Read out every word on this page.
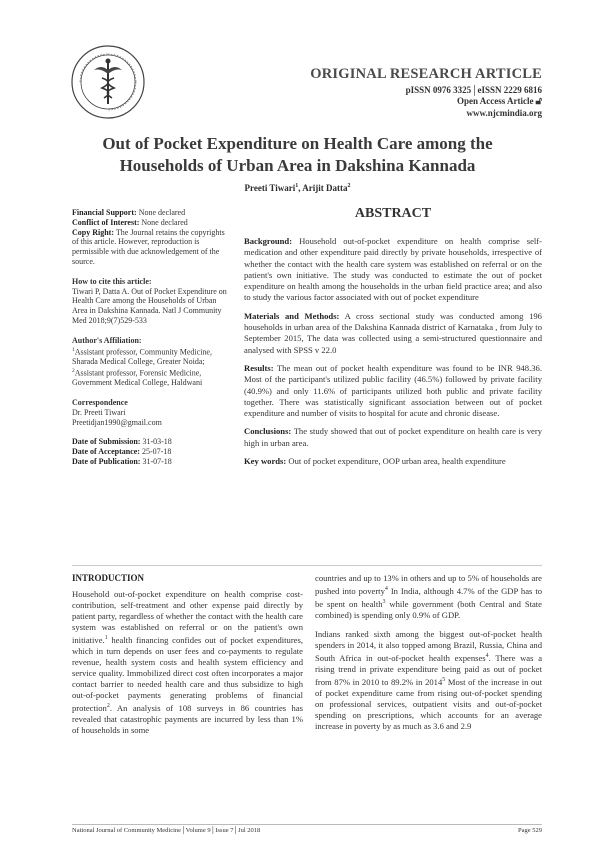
ORIGINAL RESEARCH ARTICLE
pISSN 0976 3325│eISSN 2229 6816
Open Access Article 🔓︎
www.njcmindia.org
Out of Pocket Expenditure on Health Care among the Households of Urban Area in Dakshina Kannada
Preeti Tiwari$^1$, Arijit Datta$^2$
Financial Support: None declared
Conflict of Interest: None declared
Copy Right: The Journal retains the copyrights of this article. However, reproduction is permissible with due acknowledgement of the source.
How to cite this article:
Tiwari P, Datta A. Out of Pocket Expenditure on Health Care among the Households of Urban Area in Dakshina Kannada. Natl J Community Med 2018;9(7)529-533
Author's Affiliation:
$^1$Assistant professor, Community Medicine, Sharada Medical College, Greater Noida; $^2$Assistant professor, Forensic Medicine, Government Medical College, Haldwani
Correspondence
Dr. Preeti Tiwari
Preetidjan1990@gmail.com
Date of Submission: 31-03-18
Date of Acceptance: 25-07-18
Date of Publication: 31-07-18
ABSTRACT

Background: Household out-of-pocket expenditure on health comprise self-medication and other expenditure paid directly by private households, irrespective of whether the contact with the health care system was established on referral or on the patient's own initiative. The study was conducted to estimate the out of pocket expenditure on health among the households in the urban field practice area; and also to study the various factor associated with out of pocket expenditure

Materials and Methods: A cross sectional study was conducted among 196 households in urban area of the Dakshina Kannada district of Karnataka , from July to September 2015, The data was collected using a semi-structured questionnaire and analysed with SPSS v 22.0

Results: The mean out of pocket health expenditure was found to be INR 948.36. Most of the participant's utilized public facility (46.5%) followed by private facility (40.9%) and only 11.6% of participants utilized both public and private facility together. There was statistically significant association between out of pocket expenditure and number of visits to hospital for acute and chronic disease.

Conclusions: The study showed that out of pocket expenditure on health care is very high in urban area.

Key words: Out of pocket expenditure, OOP urban area, health expenditure

INTRODUCTION

Household out-of-pocket expenditure on health comprise cost-contribution, self-treatment and other expense paid directly by patient party, regardless of whether the contact with the health care system was established on referral or on the patient's own initiative.$^1$ health financing confides out of pocket expenditures, which in turn depends on user fees and co-payments to regulate revenue, health system costs and health system efficiency and service quality. Immobilized direct cost often incorporates a major contact barrier to needed health care and thus subsidize to high out-of-pocket payments generating problems of financial protection$^2$. An analysis of 108 surveys in 86 countries has revealed that catastrophic payments are incurred by less than 1% of households in some

countries and up to 13% in others and up to 5% of households are pushed into poverty$^4$ In India, although 4.7% of the GDP has to be spent on health$^3$ while government (both Central and State combined) is spending only 0.9% of GDP.

Indians ranked sixth among the biggest out-of-pocket health spenders in 2014, it also topped among Brazil, Russia, China and South Africa in out-of-pocket health expenses$^4$. There was a rising trend in private expenditure being paid as out of pocket from 87% in 2010 to 89.2% in 2014$^5$ Most of the increase in out of pocket expenditure came from rising out-of-pocket spending on professional services, outpatient visits and out-of-pocket spending on prescriptions, which accounts for an average increase in poverty by as much as 3.6 and 2.9

National Journal of Community Medicine│Volume 9│Issue 7│Jul 2018	Page 529
